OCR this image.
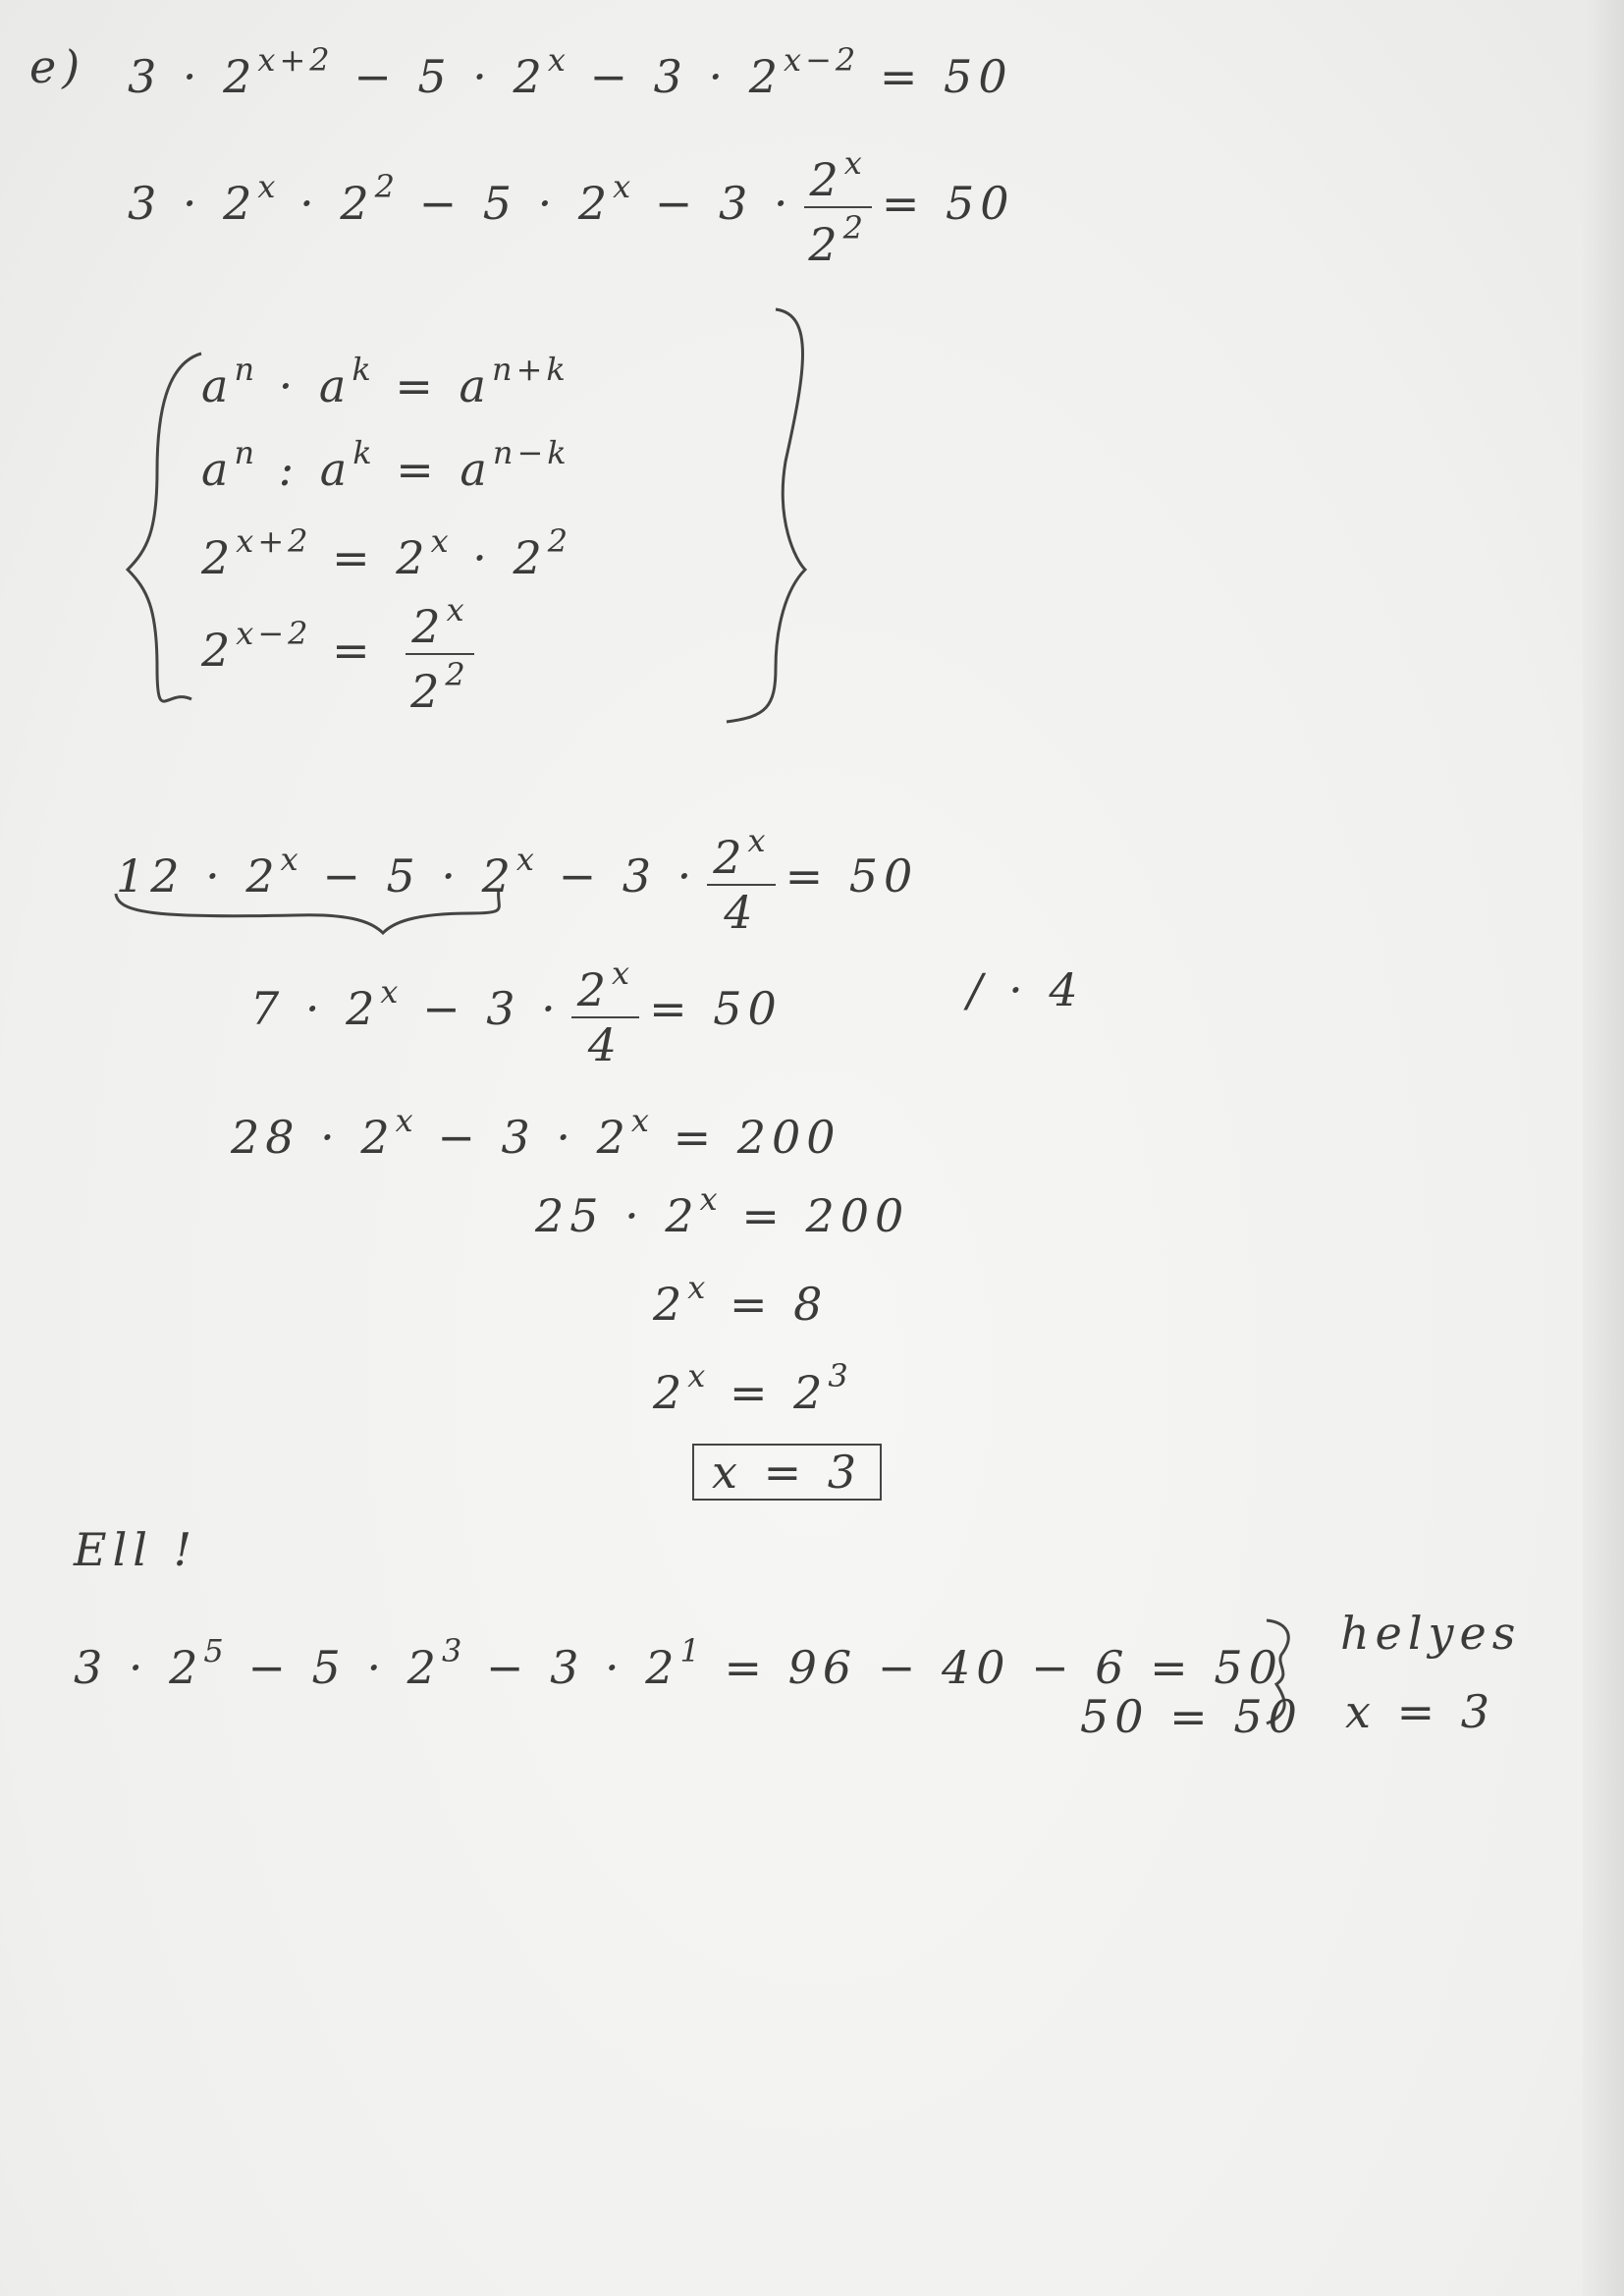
e) $3 \cdot 2^{x+2} - 5 \cdot 2^x - 3 \cdot 2^{x-2} = 50$
$3 \cdot 2^x \cdot 2^2 - 5 \cdot 2^x - 3 \cdot \frac{2^x}{2^2} = 50$
$a^n \cdot a^k = a^{n+k}$
$a^n$ : $a^k = a^{n-k}$
$2^{x+2} = 2^x \cdot 2^2$
$2^{x-2} = \frac{2^x}{2^2}$
$12 \cdot 2^x - 5 \cdot 2^x - 3 \cdot \frac{2^x}{4} = 50$
$7 \cdot 2^x - 3 \cdot \frac{2^x}{4} = 50$	/ · 4
$28 \cdot 2^x - 3 \cdot 2^x = 200$
$25 \cdot 2^x = 200$
$2^x = 8$
$2^x = 2^3$
x = 3
Ell !
$3 \cdot 2^5 - 5 \cdot 2^3 - 3 \cdot 2^1 = 96 - 40 - 6 = 50$
50 = 50
helyes
x = 3
